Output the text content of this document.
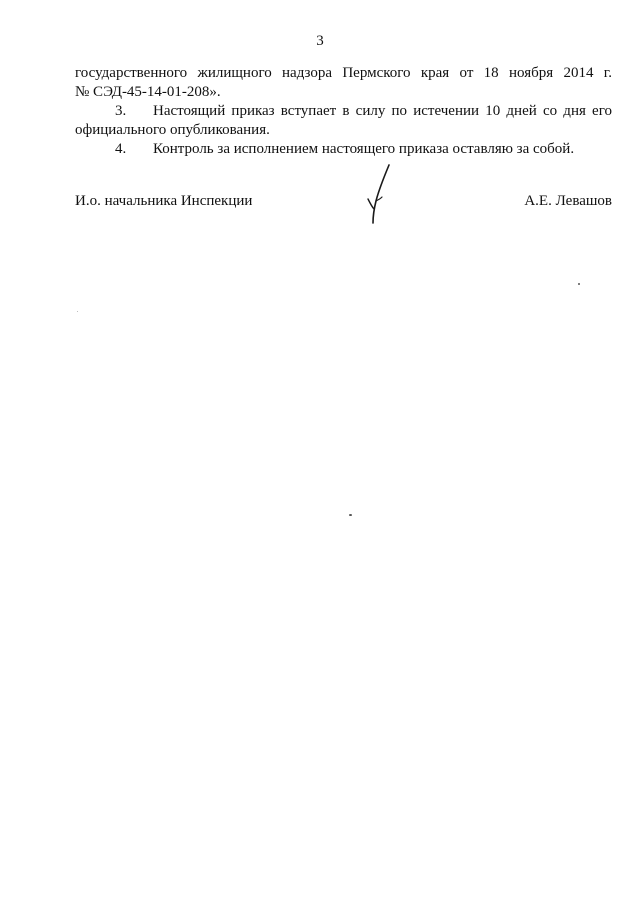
3

государственного жилищного надзора Пермского края от 18 ноября 2014 г.

№ СЭД-45-14-01-208».

3. Настоящий приказ вступает в силу по истечении 10 дней со дня его официального опубликования.

4. Контроль за исполнением настоящего приказа оставляю за собой.

И.о. начальника Инспекции	А.Е. Левашов
